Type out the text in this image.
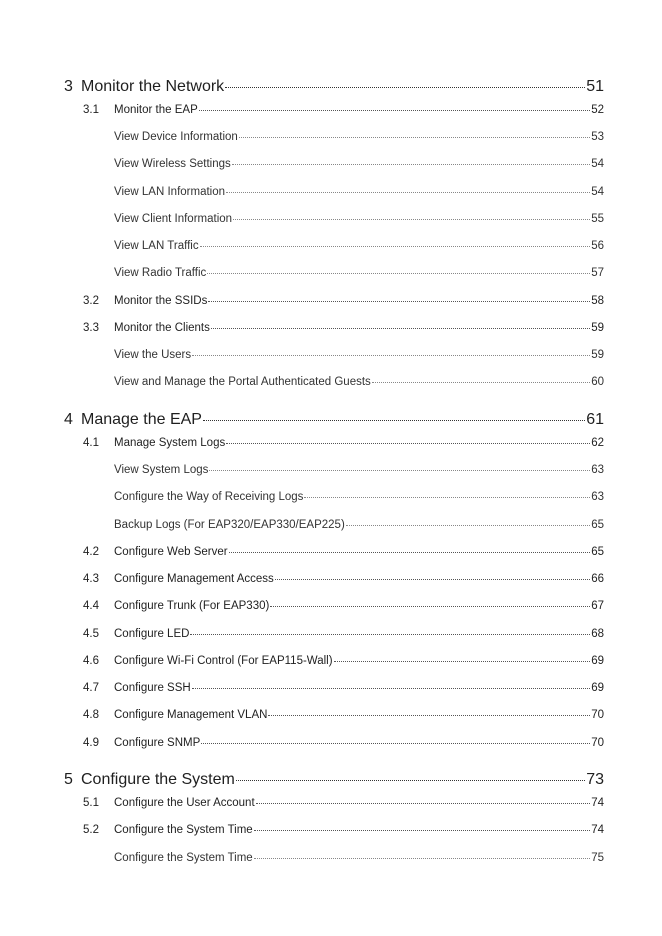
3 Monitor the Network	51
3.1	Monitor the EAP	52
View Device Information	53
View Wireless Settings	54
View LAN Information	54
View Client Information	55
View LAN Traffic	56
View Radio Traffic	57
3.2	Monitor the SSIDs	58
3.3	Monitor the Clients	59
View the Users	59
View and Manage the Portal Authenticated Guests	60
4 Manage the EAP	61
4.1	Manage System Logs	62
View System Logs	63
Configure the Way of Receiving Logs	63
Backup Logs (For EAP320/EAP330/EAP225)	65
4.2	Configure Web Server	65
4.3	Configure Management Access	66
4.4	Configure Trunk (For EAP330)	67
4.5	Configure LED	68
4.6	Configure Wi-Fi Control (For EAP115-Wall)	69
4.7	Configure SSH	69
4.8	Configure Management VLAN	70
4.9	Configure SNMP	70
5 Configure the System	73
5.1	Configure the User Account	74
5.2	Configure the System Time	74
Configure the System Time	75
